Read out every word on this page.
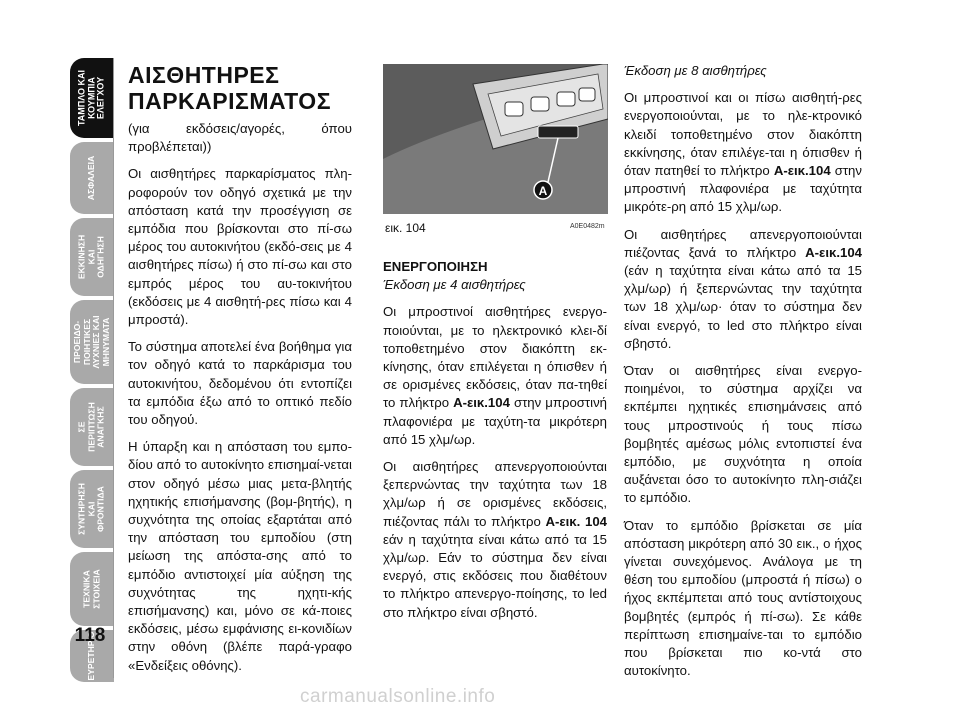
ΤΑΜΠΛΟ ΚΑΙ
ΚΟΥΜΠΙΑ
ΕΛΕΓΧΟΥ
ΑΣΦΑΛΕΙΑ
ΕΚΚΙΝΗΣΗ
ΚΑΙ
ΟΔΗΓΗΣΗ
ΠΡΟΕΙΔΟ-
ΠΟΙΗΤΙΚΕΣ
ΛΥΧΝΙΕΣ ΚΑΙ
ΜΗΝΥΜΑΤΑ
ΣΕ
ΠΕΡΙΠΤΩΣΗ
ΑΝΑΓΚΗΣ
ΣΥΝΤΗΡΗΣΗ
ΚΑΙ
ΦΡΟΝΤΙΔΑ
ΤΕΧΝΙΚΑ
ΣΤΟΙΧΕΙΑ
ΕΥΡΕΤΗΡΙΟ
118
ΑΙΣΘΗΤΗΡΕΣ
ΠΑΡΚΑΡΙΣΜΑΤΟΣ

(για εκδόσεις/αγορές, όπου προβλέπεται))

Οι αισθητήρες παρκαρίσματος πλη-ροφορούν τον οδηγό σχετικά με την απόσταση κατά την προσέγγιση σε εμπόδια που βρίσκονται στο πί-σω μέρος του αυτοκινήτου (εκδό-σεις με 4 αισθητήρες πίσω) ή στο πί-σω και στο εμπρός μέρος του αυ-τοκινήτου (εκδόσεις με 4 αισθητή-ρες πίσω και 4 μπροστά).

Το σύστημα αποτελεί ένα βοήθημα για τον οδηγό κατά το παρκάρισμα του αυτοκινήτου, δεδομένου ότι εντοπίζει τα εμπόδια έξω από το οπτικό πεδίο του οδηγού.

Η ύπαρξη και η απόσταση του εμπο-δίου από το αυτοκίνητο επισημαί-νεται στον οδηγό μέσω μιας μετα-βλητής ηχητικής επισήμανσης (βομ-βητής), η συχνότητα της οποίας εξαρτάται από την απόσταση του εμποδίου (στη μείωση της απόστα-σης από το εμπόδιο αντιστοιχεί μία αύξηση της συχνότητας της ηχητι-κής επισήμανσης) και, μόνο σε κά-ποιες εκδόσεις, μέσω εμφάνισης ει-κονιδίων στην οθόνη (βλέπε παρά-γραφο «Ενδείξεις οθόνης).

A
εικ. 104	A0E0482m

ΕΝΕΡΓΟΠΟΙΗΣΗ

Έκδοση με 4 αισθητήρες

Οι μπροστινοί αισθητήρες ενεργο-ποιούνται, με το ηλεκτρονικό κλει-δί τοποθετημένο στον διακόπτη εκ-κίνησης, όταν επιλέγεται η όπισθεν ή σε ορισμένες εκδόσεις, όταν πα-τηθεί το πλήκτρο A-εικ.104 στην μπροστινή πλαφονιέρα με ταχύτη-τα μικρότερη από 15 χλμ/ωρ.

Οι αισθητήρες απενεργοποιούνται ξεπερνώντας την ταχύτητα των 18 χλμ/ωρ ή σε ορισμένες εκδόσεις, πιέζοντας πάλι το πλήκτρο A-εικ. 104 εάν η ταχύτητα είναι κάτω από τα 15 χλμ/ωρ. Εάν το σύστημα δεν είναι ενεργό, στις εκδόσεις που διαθέτουν το πλήκτρο απενεργο-ποίησης, το led στο πλήκτρο είναι σβηστό.

Έκδοση με 8 αισθητήρες

Οι μπροστινοί και οι πίσω αισθητή-ρες ενεργοποιούνται, με το ηλε-κτρονικό κλειδί τοποθετημένο στον διακόπτη εκκίνησης, όταν επιλέγε-ται η όπισθεν ή όταν πατηθεί το πλήκτρο A-εικ.104 στην μπροστινή πλαφονιέρα με ταχύτητα μικρότε-ρη από 15 χλμ/ωρ.

Οι αισθητήρες απενεργοποιούνται πιέζοντας ξανά το πλήκτρο A-εικ.104 (εάν η ταχύτητα είναι κάτω από τα 15 χλμ/ωρ) ή ξεπερνώντας την ταχύτητα των 18 χλμ/ωρ· όταν το σύστημα δεν είναι ενεργό, το led στο πλήκτρο είναι σβηστό.

Όταν οι αισθητήρες είναι ενεργο-ποιημένοι, το σύστημα αρχίζει να εκπέμπει ηχητικές επισημάνσεις από τους μπροστινούς ή τους πίσω βομβητές αμέσως μόλις εντοπιστεί ένα εμπόδιο, με συχνότητα η οποία αυξάνεται όσο το αυτοκίνητο πλη-σιάζει το εμπόδιο.

Όταν το εμπόδιο βρίσκεται σε μία απόσταση μικρότερη από 30 εικ., ο ήχος γίνεται συνεχόμενος. Ανάλογα με τη θέση του εμποδίου (μπροστά ή πίσω) ο ήχος εκπέμπεται από τους αντίστοιχους βομβητές (εμπρός ή πί-σω). Σε κάθε περίπτωση επισημαίνε-ται το εμπόδιο που βρίσκεται πιο κο-ντά στο αυτοκίνητο.

carmanualsonline.info
